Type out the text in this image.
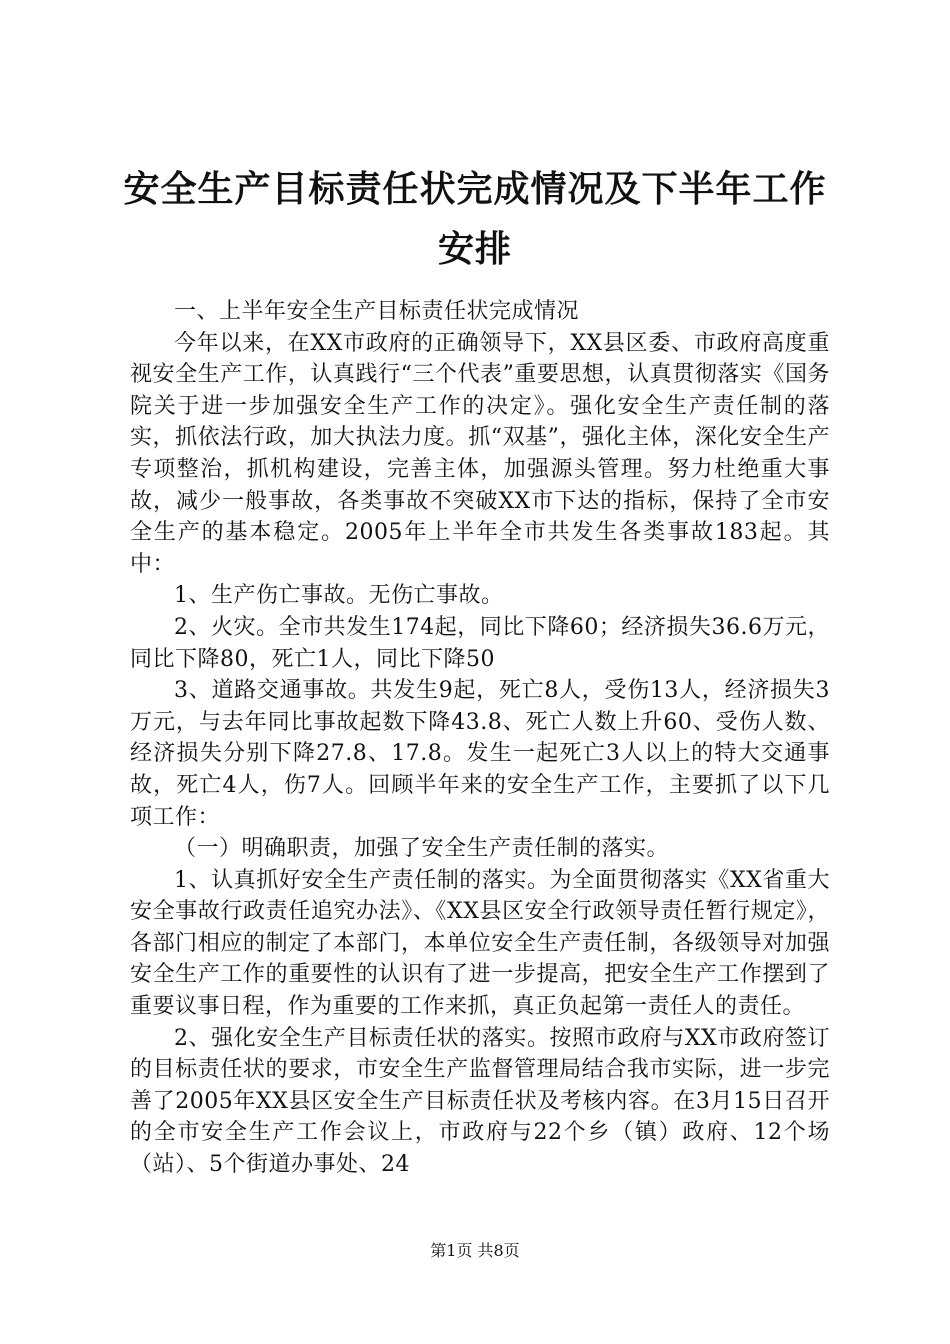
安全生产目标责任状完成情况及下半年工作安排

一、上半年安全生产目标责任状完成情况

今年以来，在XX市政府的正确领导下，XX县区委、市政府高度重视安全生产工作，认真践行“三个代表”重要思想，认真贯彻落实《国务院关于进一步加强安全生产工作的决定》。强化安全生产责任制的落实，抓依法行政，加大执法力度。抓“双基”，强化主体，深化安全生产专项整治，抓机构建设，完善主体，加强源头管理。努力杜绝重大事故，减少一般事故，各类事故不突破XX市下达的指标，保持了全市安全生产的基本稳定。2005年上半年全市共发生各类事故183起。其中：

1、生产伤亡事故。无伤亡事故。

2、火灾。全市共发生174起，同比下降60；经济损失36.6万元，同比下降80，死亡1人，同比下降50

3、道路交通事故。共发生9起，死亡8人，受伤13人，经济损失3万元，与去年同比事故起数下降43.8、死亡人数上升60、受伤人数、经济损失分别下降27.8、17.8。发生一起死亡3人以上的特大交通事故，死亡4人，伤7人。回顾半年来的安全生产工作，主要抓了以下几项工作：

（一）明确职责，加强了安全生产责任制的落实。

1、认真抓好安全生产责任制的落实。为全面贯彻落实《XX省重大安全事故行政责任追究办法》、《XX县区安全行政领导责任暂行规定》，各部门相应的制定了本部门，本单位安全生产责任制，各级领导对加强安全生产工作的重要性的认识有了进一步提高，把安全生产工作摆到了重要议事日程，作为重要的工作来抓，真正负起第一责任人的责任。

2、强化安全生产目标责任状的落实。按照市政府与XX市政府签订的目标责任状的要求，市安全生产监督管理局结合我市实际，进一步完善了2005年XX县区安全生产目标责任状及考核内容。在3月15日召开的全市安全生产工作会议上，市政府与22个乡（镇）政府、12个场（站）、5个街道办事处、24

第1页 共8页
